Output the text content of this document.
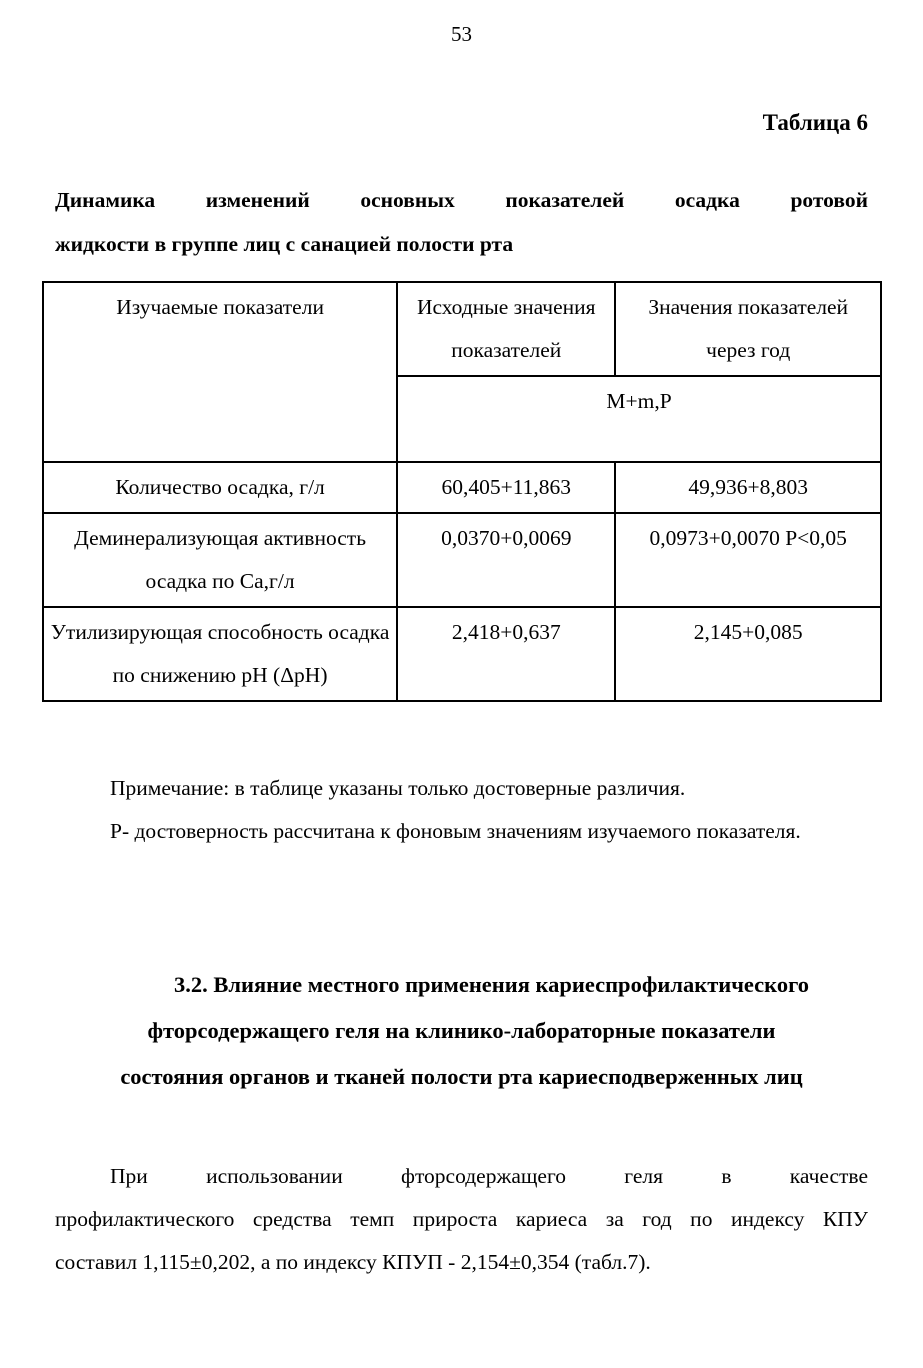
53
Таблица 6
Динамика изменений основных показателей осадка ротовой
жидкости в группе лиц с санацией полости рта
Изучаемые показатели	Исходные значения показателей	Значения показателей через год
	M+m,P	
Количество осадка, г/л	60,405+11,863	49,936+8,803
Деминерализующая активность осадка по Са,г/л	0,0370+0,0069	0,0973+0,0070 Р<0,05
Утилизирующая способность осадка по снижению рН (ΔpH)	2,418+0,637	2,145+0,085
Примечание: в таблице указаны только достоверные различия.
Р- достоверность рассчитана к фоновым значениям изучаемого показателя.
3.2. Влияние местного применения кариеспрофилактического
фторсодержащего геля на клинико-лабораторные показатели
состояния органов и тканей полости рта кариесподверженных лиц
При использовании фторсодержащего геля в качестве
профилактического средства темп прироста кариеса за год по индексу КПУ
составил 1,115±0,202, а по индексу КПУП - 2,154±0,354 (табл.7).
